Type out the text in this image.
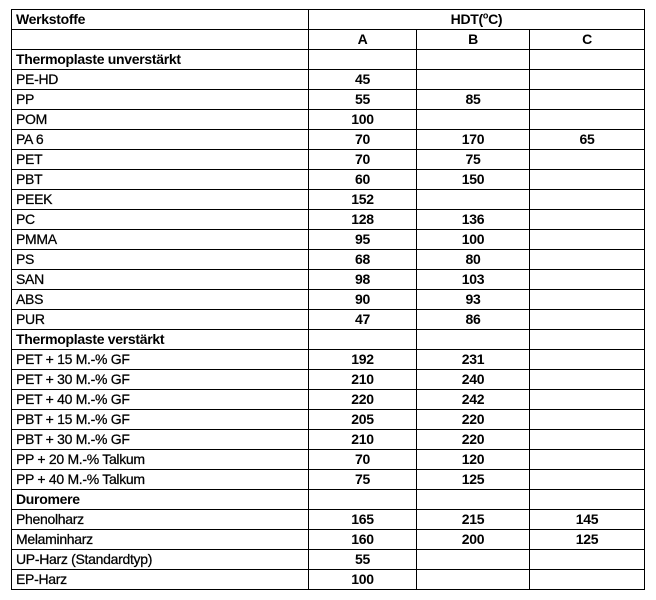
Werkstoffe	HDT($^o$C)		
	A	B	C
Thermoplaste unverstärkt			
PE-HD	45		
PP	55	85	
POM	100		
PA 6	70	170	65
PET	70	75	
PBT	60	150	
PEEK	152		
PC	128	136	
PMMA	95	100	
PS	68	80	
SAN	98	103	
ABS	90	93	
PUR	47	86	
Thermoplaste verstärkt			
PET + 15 M.-% GF	192	231	
PET + 30 M.-% GF	210	240	
PET + 40 M.-% GF	220	242	
PBT + 15 M.-% GF	205	220	
PBT + 30 M.-% GF	210	220	
PP + 20 M.-% Talkum	70	120	
PP + 40 M.-% Talkum	75	125	
Duromere			
Phenolharz	165	215	145
Melaminharz	160	200	125
UP-Harz (Standardtyp)	55		
EP-Harz	100		
